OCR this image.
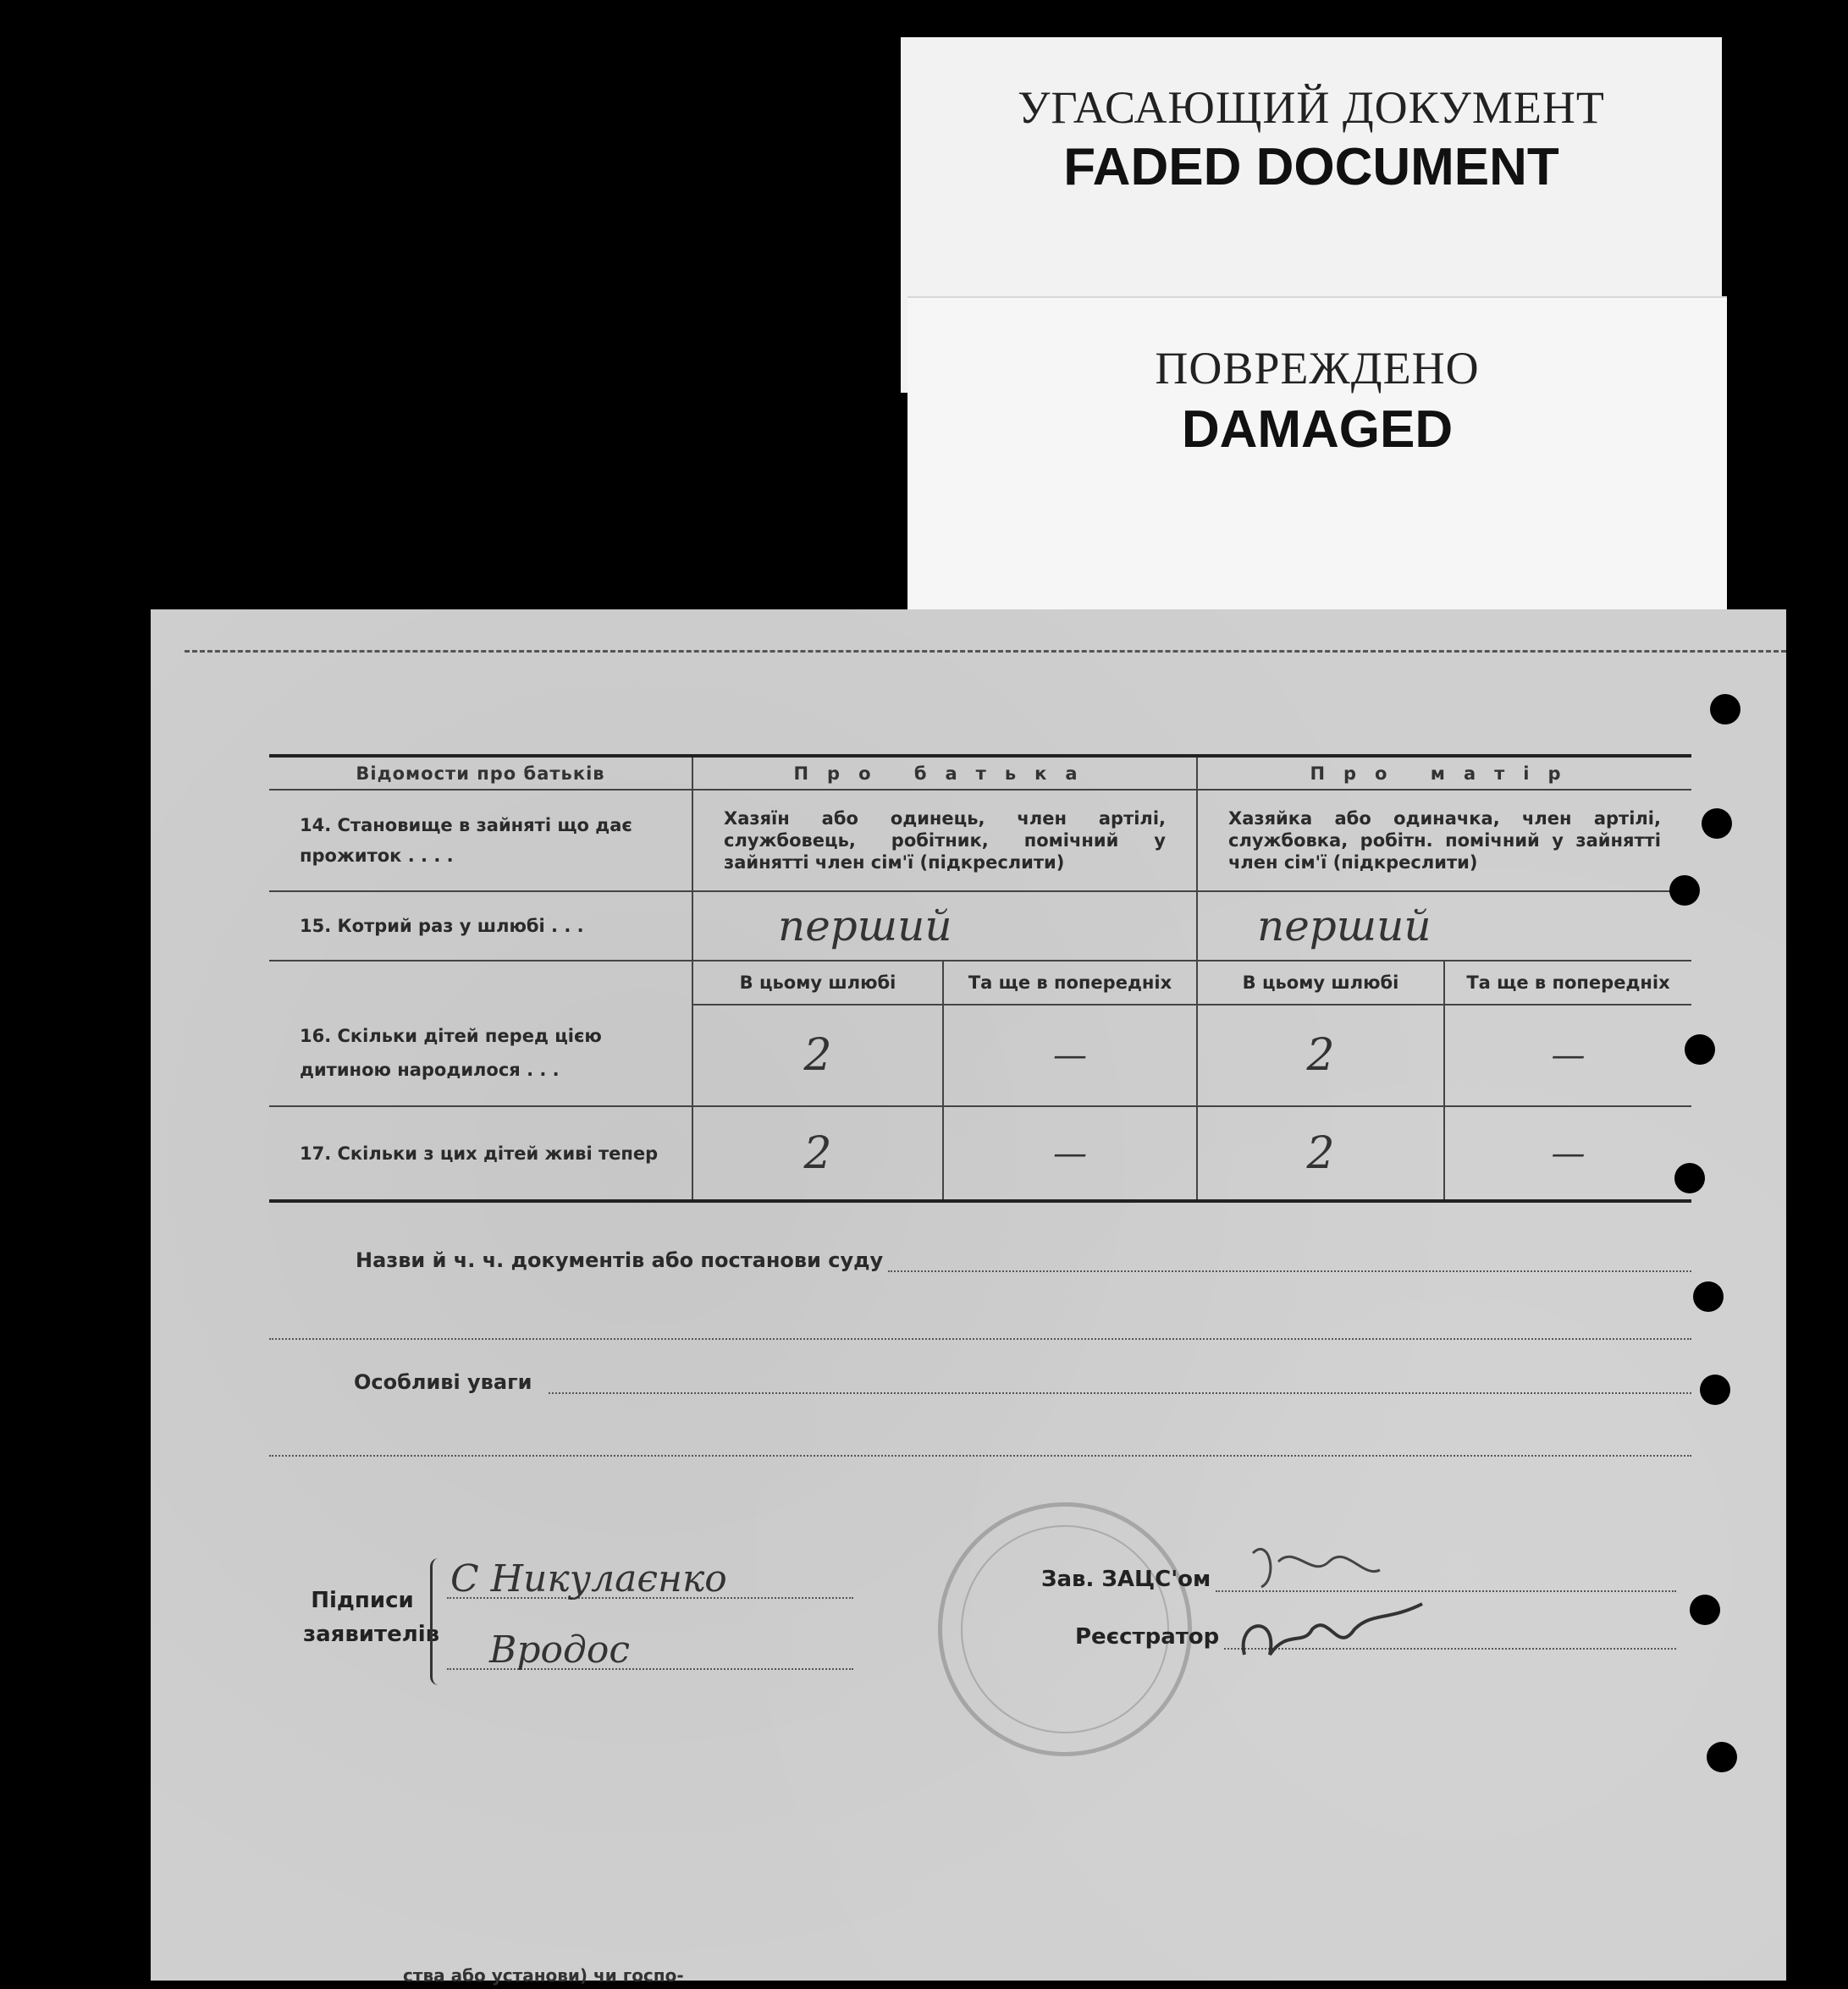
УГАСАЮЩИЙ ДОКУМЕНТ
FADED DOCUMENT
ПОВРЕЖДЕНО
DAMAGED
Відомости про батьків	Про батька		Про матір	

14. Становище в зайняті що дає прожиток . . . .	Хазяїн або одинець, член артілі, службовець, робітник, помічний у зайнятті член сім'ї (підкреслити)		Хазяйка або одиначка, член артілі, службовка, робітн. помічний у зайнятті член сім'ї (підкреслити)	

15. Котрий раз у шлюбі . . .	перший		перший	

16. Скільки дітей перед цією дитиною народилося . . .	В цьому шлюбі	Та ще в попередніх	В цьому шлюбі	Та ще в попередніх
	2	—	2	—

17. Скільки з цих дітей живі тепер	2	—	2	—
Назви й ч. ч. документів або постанови суду
Особливі уваги
Підписи
заявителів
С Никулаєнко
Вродос
Зав. ЗАЦС'ом
Реєстратор
ства або установи) чи госпо-
